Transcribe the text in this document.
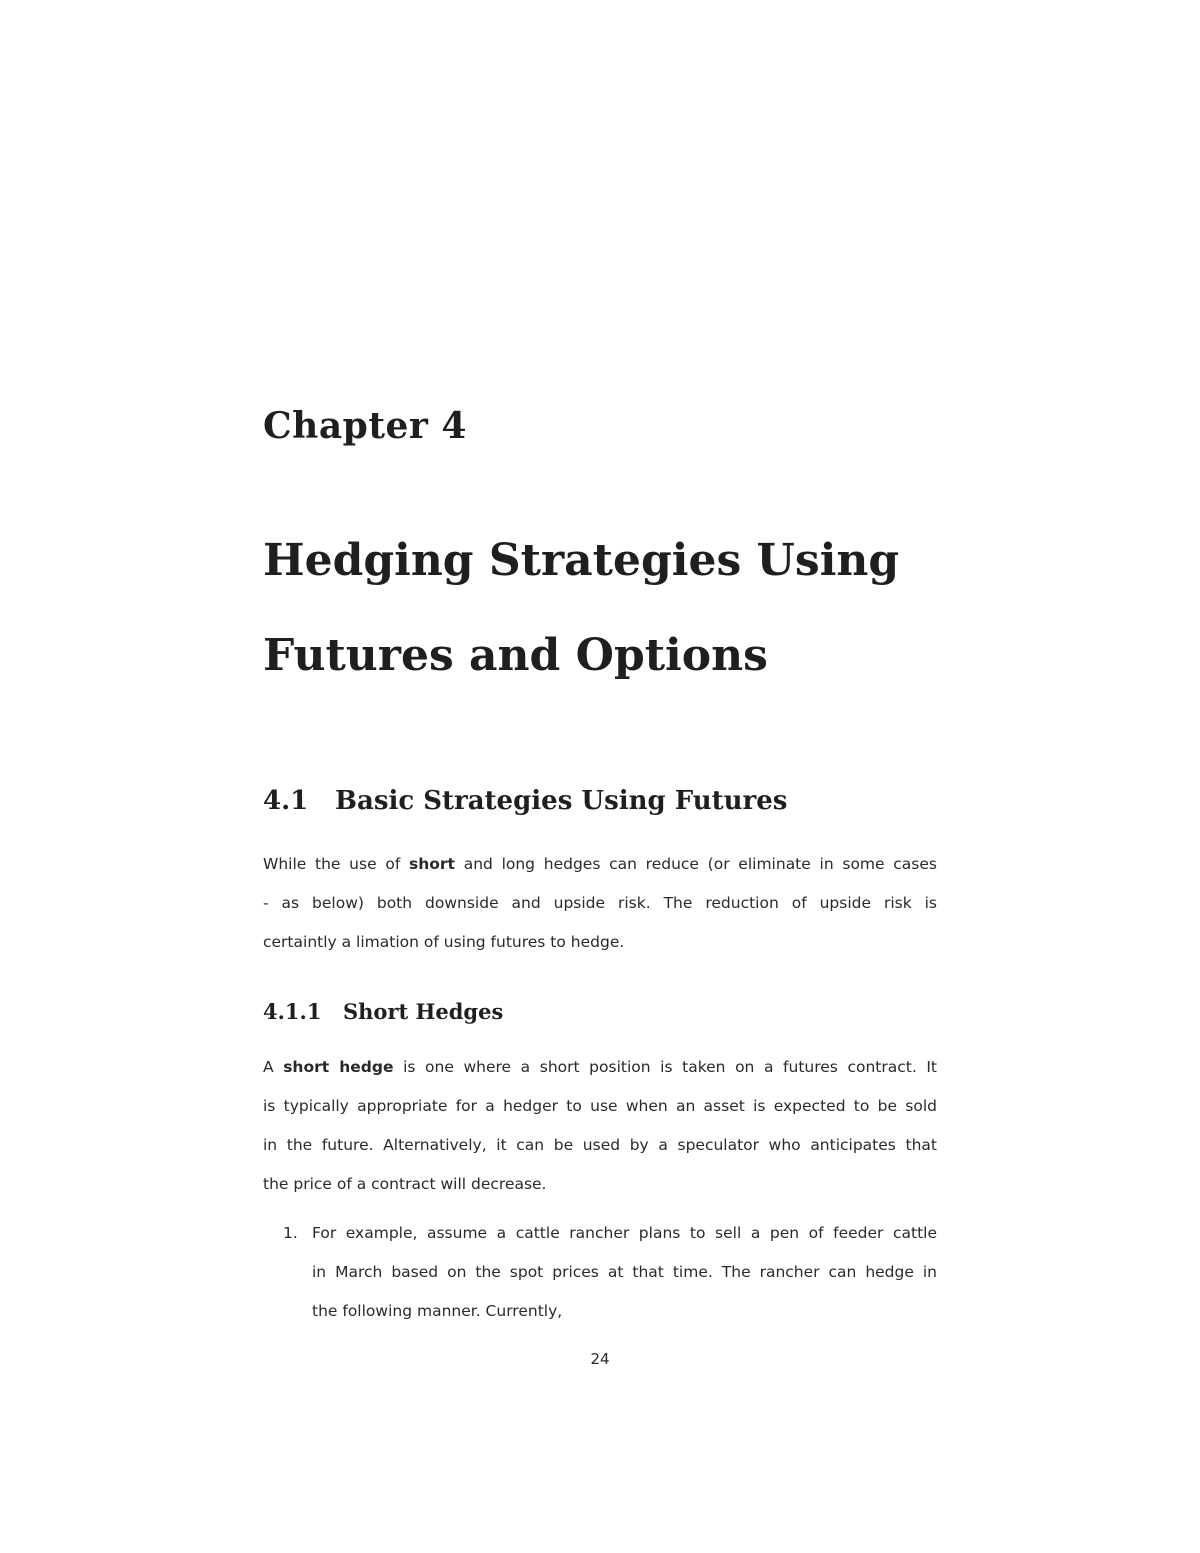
Chapter 4
Hedging Strategies Using
Futures and Options
4.1 Basic Strategies Using Futures
While the use of short and long hedges can reduce (or eliminate in some cases
- as below) both downside and upside risk. The reduction of upside risk is
certaintly a limation of using futures to hedge.
4.1.1 Short Hedges
A short hedge is one where a short position is taken on a futures contract. It
is typically appropriate for a hedger to use when an asset is expected to be sold
in the future. Alternatively, it can be used by a speculator who anticipates that
the price of a contract will decrease.
1. For example, assume a cattle rancher plans to sell a pen of feeder cattle
in March based on the spot prices at that time. The rancher can hedge in
the following manner. Currently,
24
